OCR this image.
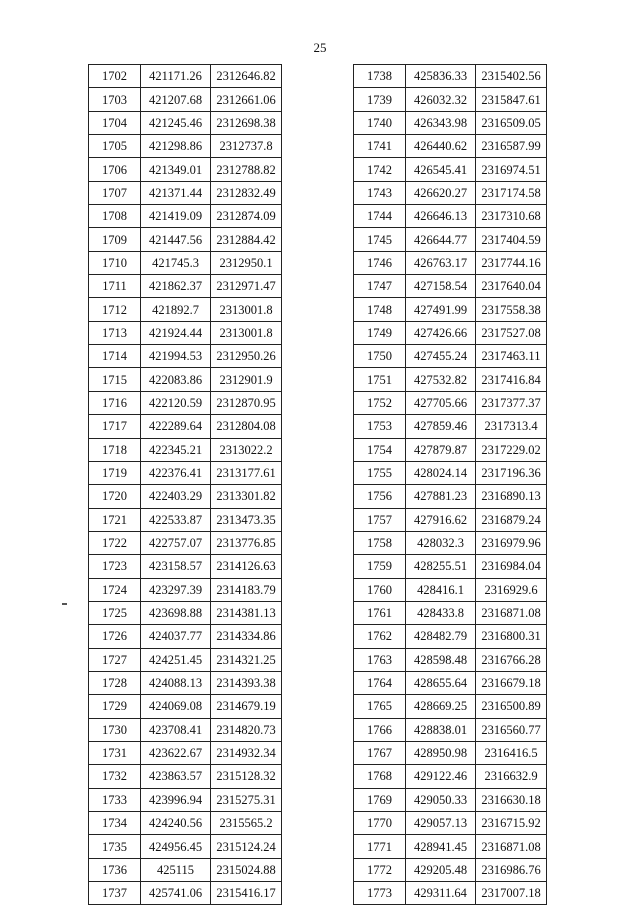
25
1702	421171.26	2312646.82
1703	421207.68	2312661.06
1704	421245.46	2312698.38
1705	421298.86	2312737.8
1706	421349.01	2312788.82
1707	421371.44	2312832.49
1708	421419.09	2312874.09
1709	421447.56	2312884.42
1710	421745.3	2312950.1
1711	421862.37	2312971.47
1712	421892.7	2313001.8
1713	421924.44	2313001.8
1714	421994.53	2312950.26
1715	422083.86	2312901.9
1716	422120.59	2312870.95
1717	422289.64	2312804.08
1718	422345.21	2313022.2
1719	422376.41	2313177.61
1720	422403.29	2313301.82
1721	422533.87	2313473.35
1722	422757.07	2313776.85
1723	423158.57	2314126.63
1724	423297.39	2314183.79
1725	423698.88	2314381.13
1726	424037.77	2314334.86
1727	424251.45	2314321.25
1728	424088.13	2314393.38
1729	424069.08	2314679.19
1730	423708.41	2314820.73
1731	423622.67	2314932.34
1732	423863.57	2315128.32
1733	423996.94	2315275.31
1734	424240.56	2315565.2
1735	424956.45	2315124.24
1736	425115	2315024.88
1737	425741.06	2315416.17
1738	425836.33	2315402.56
1739	426032.32	2315847.61
1740	426343.98	2316509.05
1741	426440.62	2316587.99
1742	426545.41	2316974.51
1743	426620.27	2317174.58
1744	426646.13	2317310.68
1745	426644.77	2317404.59
1746	426763.17	2317744.16
1747	427158.54	2317640.04
1748	427491.99	2317558.38
1749	427426.66	2317527.08
1750	427455.24	2317463.11
1751	427532.82	2317416.84
1752	427705.66	2317377.37
1753	427859.46	2317313.4
1754	427879.87	2317229.02
1755	428024.14	2317196.36
1756	427881.23	2316890.13
1757	427916.62	2316879.24
1758	428032.3	2316979.96
1759	428255.51	2316984.04
1760	428416.1	2316929.6
1761	428433.8	2316871.08
1762	428482.79	2316800.31
1763	428598.48	2316766.28
1764	428655.64	2316679.18
1765	428669.25	2316500.89
1766	428838.01	2316560.77
1767	428950.98	2316416.5
1768	429122.46	2316632.9
1769	429050.33	2316630.18
1770	429057.13	2316715.92
1771	428941.45	2316871.08
1772	429205.48	2316986.76
1773	429311.64	2317007.18
